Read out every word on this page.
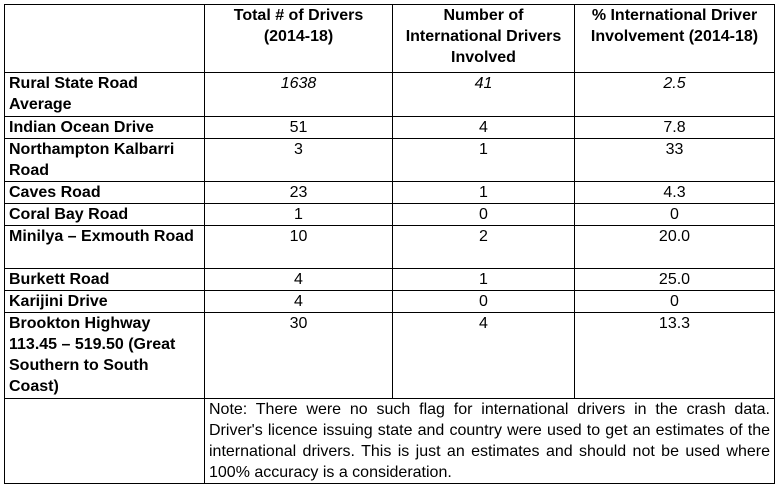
	Total # of Drivers (2014-18)	Number of International Drivers Involved	% International Driver Involvement (2014-18)
Rural State Road Average	1638	41	2.5
Indian Ocean Drive	51	4	7.8
Northampton Kalbarri Road	3	1	33
Caves Road	23	1	4.3
Coral Bay Road	1	0	0
Minilya – Exmouth Road	10	2	20.0
Burkett Road	4	1	25.0
Karijini Drive	4	0	0
Brookton Highway 113.45 – 519.50 (Great Southern to South Coast)	30	4	13.3
	Note: There were no such flag for international drivers in the crash data. Driver's licence issuing state and country were used to get an estimates of the international drivers. This is just an estimates and should not be used where 100% accuracy is a consideration.		
